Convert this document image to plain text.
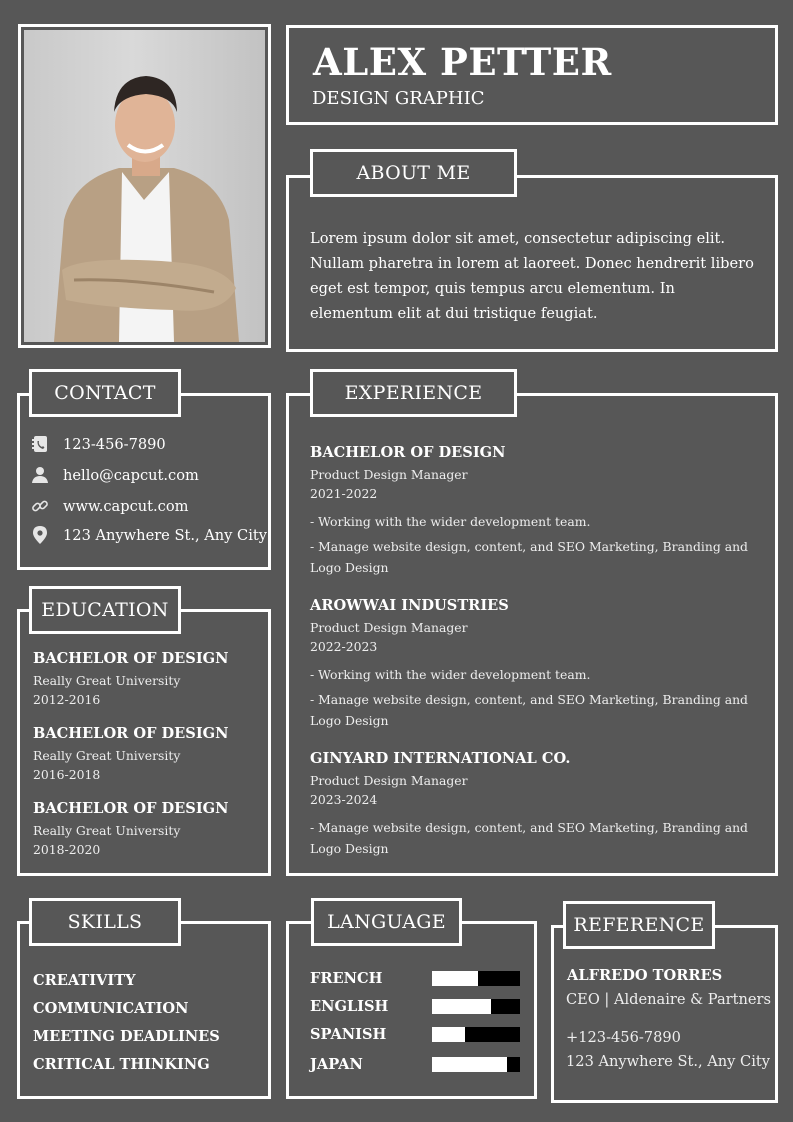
ALEX PETTER
DESIGN GRAPHIC
ABOUT ME
Lorem ipsum dolor sit amet, consectetur adipiscing elit.
Nullam pharetra in lorem at laoreet. Donec hendrerit libero
eget est tempor, quis tempus arcu elementum. In
elementum elit at dui tristique feugiat.
CONTACT
123-456-7890
hello@capcut.com
www.capcut.com
123 Anywhere St., Any City
EDUCATION
BACHELOR OF DESIGN
Really Great University
2012-2016
BACHELOR OF DESIGN
Really Great University
2016-2018
BACHELOR OF DESIGN
Really Great University
2018-2020
EXPERIENCE
BACHELOR OF DESIGN
Product Design Manager
2021-2022
- Working with the wider development team.
- Manage website design, content, and SEO Marketing, Branding and
Logo Design
AROWWAI INDUSTRIES
Product Design Manager
2022-2023
- Working with the wider development team.
- Manage website design, content, and SEO Marketing, Branding and
Logo Design
GINYARD INTERNATIONAL CO.
Product Design Manager
2023-2024
- Manage website design, content, and SEO Marketing, Branding and
Logo Design
SKILLS
CREATIVITY
COMMUNICATION
MEETING DEADLINES
CRITICAL THINKING
LANGUAGE
FRENCH
ENGLISH
SPANISH
JAPAN
REFERENCE
ALFREDO TORRES
CEO | Aldenaire & Partners
+123-456-7890
123 Anywhere St., Any City
